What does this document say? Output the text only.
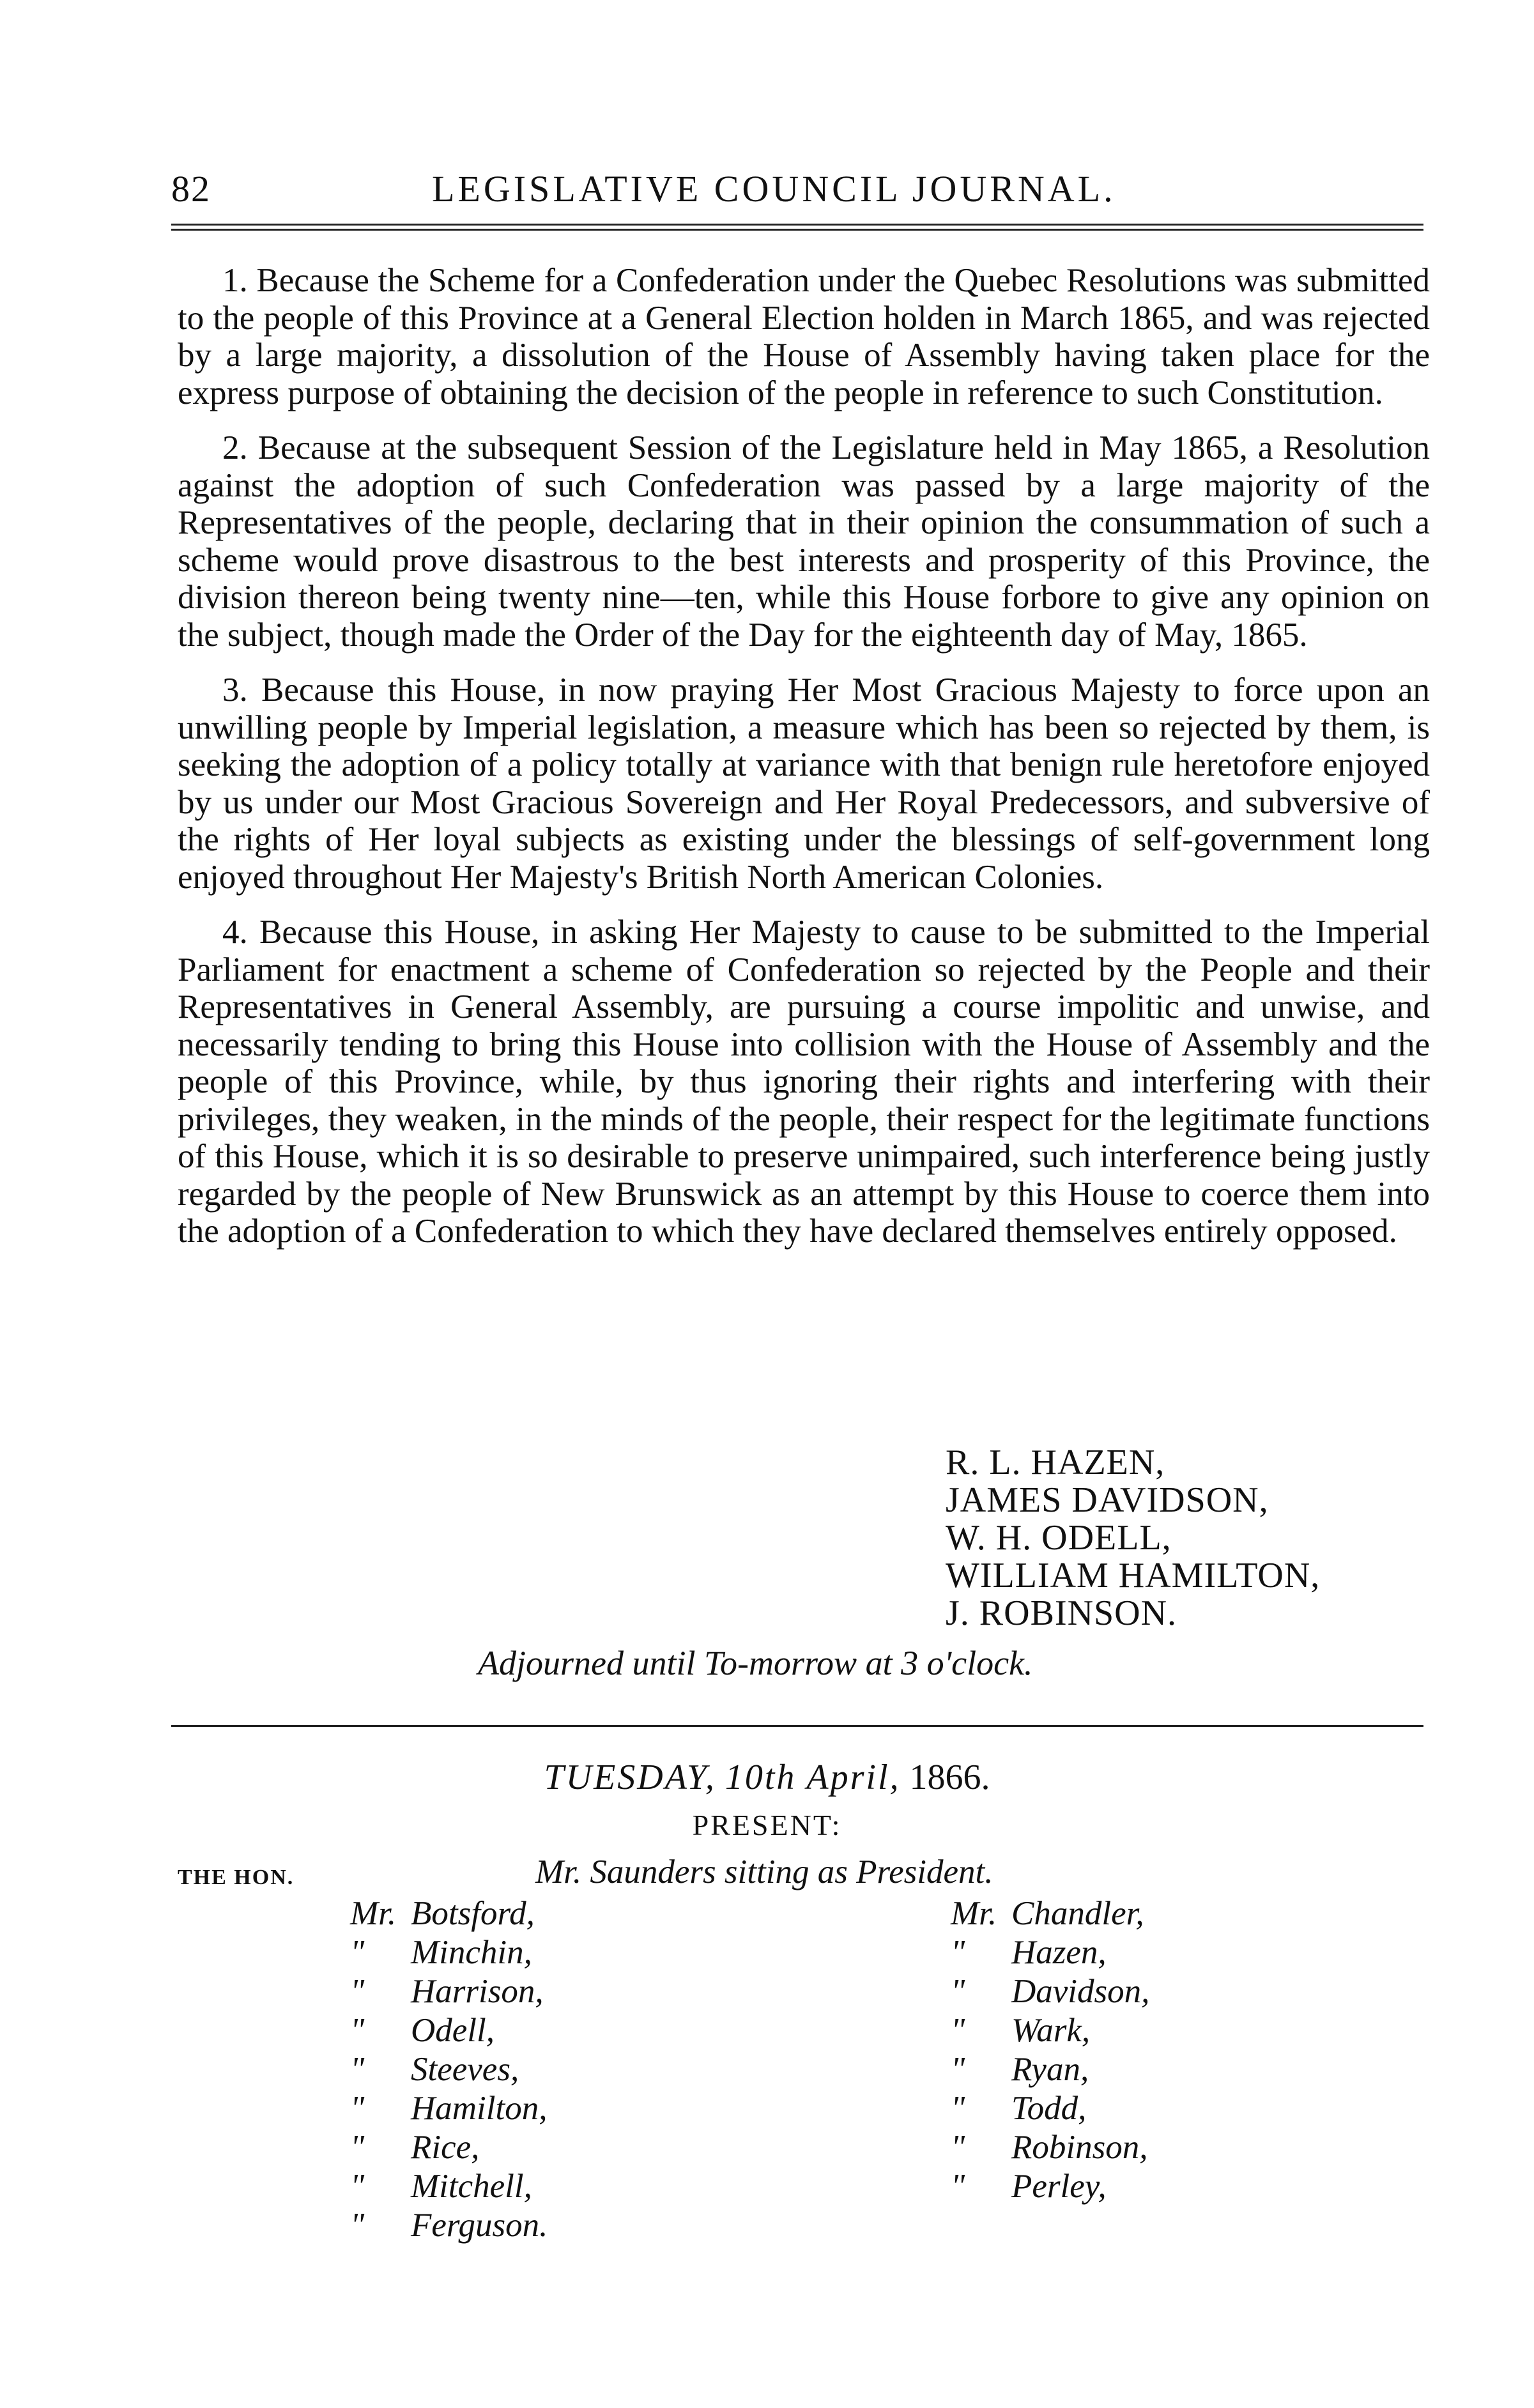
82	LEGISLATIVE COUNCIL JOURNAL.

1. Because the Scheme for a Confederation under the Quebec Resolutions was submitted to the people of this Province at a General Election holden in March 1865, and was rejected by a large majority, a dissolution of the House of Assembly having taken place for the express purpose of obtaining the decision of the people in reference to such Constitution.

2. Because at the subsequent Session of the Legislature held in May 1865, a Resolution against the adoption of such Confederation was passed by a large majority of the Representatives of the people, declaring that in their opinion the consummation of such a scheme would prove disastrous to the best interests and prosperity of this Province, the division thereon being twenty nine—ten, while this House forbore to give any opinion on the subject, though made the Order of the Day for the eighteenth day of May, 1865.

3. Because this House, in now praying Her Most Gracious Majesty to force upon an unwilling people by Imperial legislation, a measure which has been so rejected by them, is seeking the adoption of a policy totally at variance with that benign rule heretofore enjoyed by us under our Most Gracious Sovereign and Her Royal Predecessors, and subversive of the rights of Her loyal subjects as existing under the blessings of self-government long enjoyed throughout Her Majesty's British North American Colonies.

4. Because this House, in asking Her Majesty to cause to be submitted to the Imperial Parliament for enactment a scheme of Confederation so rejected by the People and their Representatives in General Assembly, are pursuing a course impolitic and unwise, and necessarily tending to bring this House into collision with the House of Assembly and the people of this Province, while, by thus ignoring their rights and interfering with their privileges, they weaken, in the minds of the people, their respect for the legitimate functions of this House, which it is so desirable to preserve unimpaired, such interference being justly regarded by the people of New Brunswick as an attempt by this House to coerce them into the adoption of a Confederation to which they have declared themselves entirely opposed.

R. L. HAZEN,
JAMES DAVIDSON,
W. H. ODELL,
WILLIAM HAMILTON,
J. ROBINSON.
Adjourned until To-morrow at 3 o'clock.
TUESDAY, 10th April, 1866.
PRESENT:
THE HON.	Mr. Saunders sitting as President.
Mr. Botsford,
" Minchin,
" Harrison,
" Odell,
" Steeves,
" Hamilton,
" Rice,
" Mitchell,
" Ferguson.
Mr. Chandler,
" Hazen,
" Davidson,
" Wark,
" Ryan,
" Todd,
" Robinson,
" Perley,
